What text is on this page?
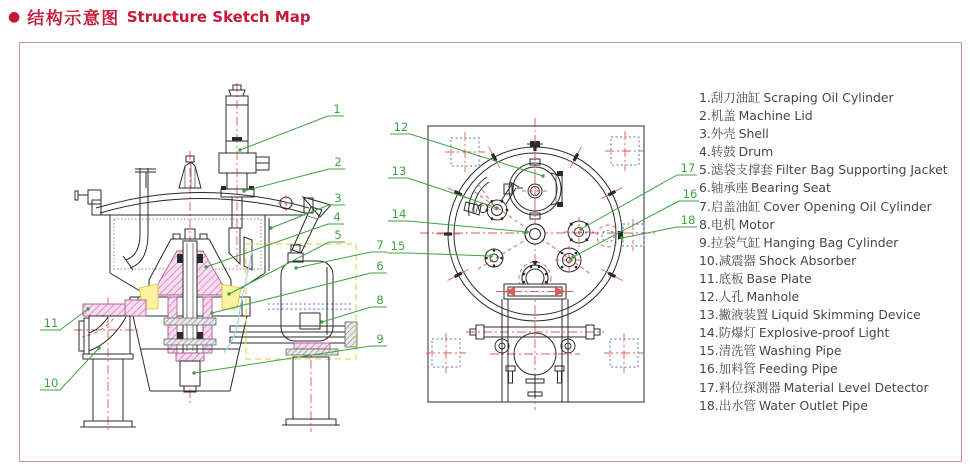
● 结构示意图 Structure Sketch Map
1
2
3
4
5
7
6
8
9
11
10
12
13
14
15
17
16
18
1.刮刀油缸 Scraping Oil Cylinder
2.机盖 Machine Lid
3.外壳 Shell
4.转鼓 Drum
5.滤袋支撑套 Filter Bag Supporting Jacket
6.轴承座 Bearing Seat
7.启盖油缸 Cover Opening Oil Cylinder
8.电机 Motor
9.拉袋气缸 Hanging Bag Cylinder
10.减震器 Shock Absorber
11.底板 Base Plate
12.人孔 Manhole
13.撇液装置 Liquid Skimming Device
14.防爆灯 Explosive-proof Light
15.清洗管 Washing Pipe
16.加料管 Feeding Pipe
17.料位探测器 Material Level Detector
18.出水管 Water Outlet Pipe
